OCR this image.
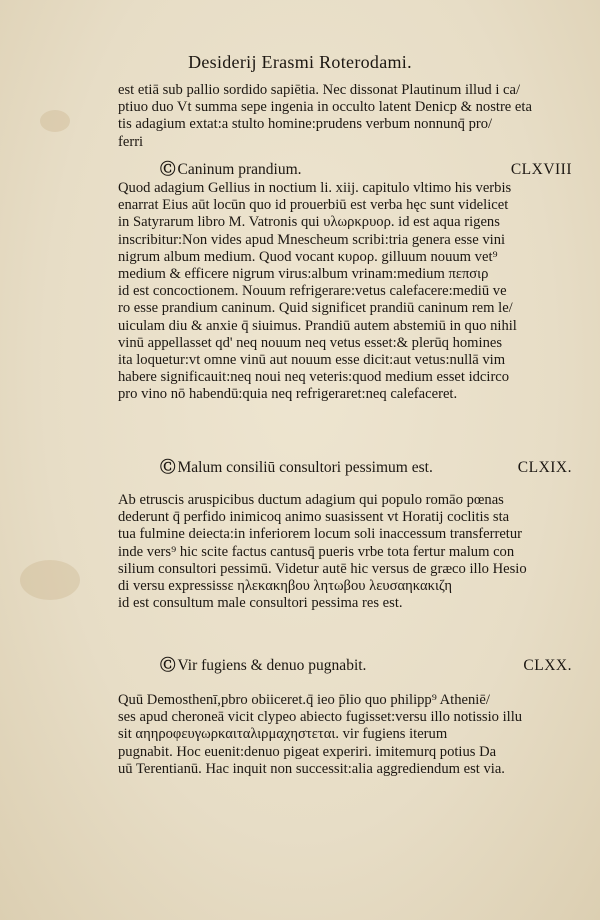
Desiderij Erasmi Roterodami.
est etiā sub pallio sordido sapiētia. Nec dissonat Plautinum illud i ca/
ptiuo duo Vt summa sepe ingenia in occulto latent Denicp & nostre eta
tis adagium extat:a stulto homine:prudens verbum nonnunq̄ pro/
ferri
Ⓒ Caninum prandium.	CLXVIII
Quod adagium Gellius in noctium li. xiij. capitulo vltimo his verbis
enarrat Eius aūt locūn quo id prouerbiū est verba hęc sunt videlicet
in Satyrarum libro M. Vatronis qui υλωρκρυορ. id est aqua rigens
inscribitur:Non vides apud Mnescheum scribi:tria genera esse vini
nigrum album medium. Quod vocant κυρορ. gilluum nouum vet⁹
medium & efficere nigrum virus:album vrinam:medium πεπσιρ
id est concoctionem. Nouum refrigerare:vetus calefacere:mediū ve
ro esse prandium caninum. Quid significet prandiū caninum rem le/
uiculam diu & anxie q̄ siuimus. Prandiū autem abstemiū in quo nihil
vinū appellasset qd' neq nouum neq vetus esset:& plerūq homines
ita loquetur:vt omne vinū aut nouum esse dicit:aut vetus:nullā vim
habere significauit:neq noui neq veteris:quod medium esset idcirco
pro vino nō habendū:quia neq refrigeraret:neq calefaceret.
Ⓒ Malum consiliū consultori pessimum est.	CLXIX.
Ab etruscis aruspicibus ductum adagium qui populo romāo pœnas
dederunt q̄ perfido inimicoq animo suasissent vt Horatij coclitis sta
tua fulmine deiecta:in inferiorem locum soli inaccessum transferretur
inde vers⁹ hic scite factus cantusq̄ pueris vrbe tota fertur malum con
silium consultori pessimū. Videtur autē hic versus de græco illo Hesio
di versu expressissε ηλεκακηβου λητωβου λευσαηκακιζη
id est consultum male consultori pessima res est.
Ⓒ Vir fugiens & denuo pugnabit.	CLXX.
Quū Demosthenī,pbro obiiceret.q̄ ieo p̄lio quo philipp⁹ Atheniē/
ses apud cheroneā vicit clypeo abiecto fugisset:versu illo notissio illu
sit αηηροφευγωρκαιταλιρμαχηστεται. vir fugiens iterum
pugnabit. Hoc euenit:denuo pigeat experiri. imitemurq potius Da
uū Terentianū. Hac inquit non successit:alia aggrediendum est via.
